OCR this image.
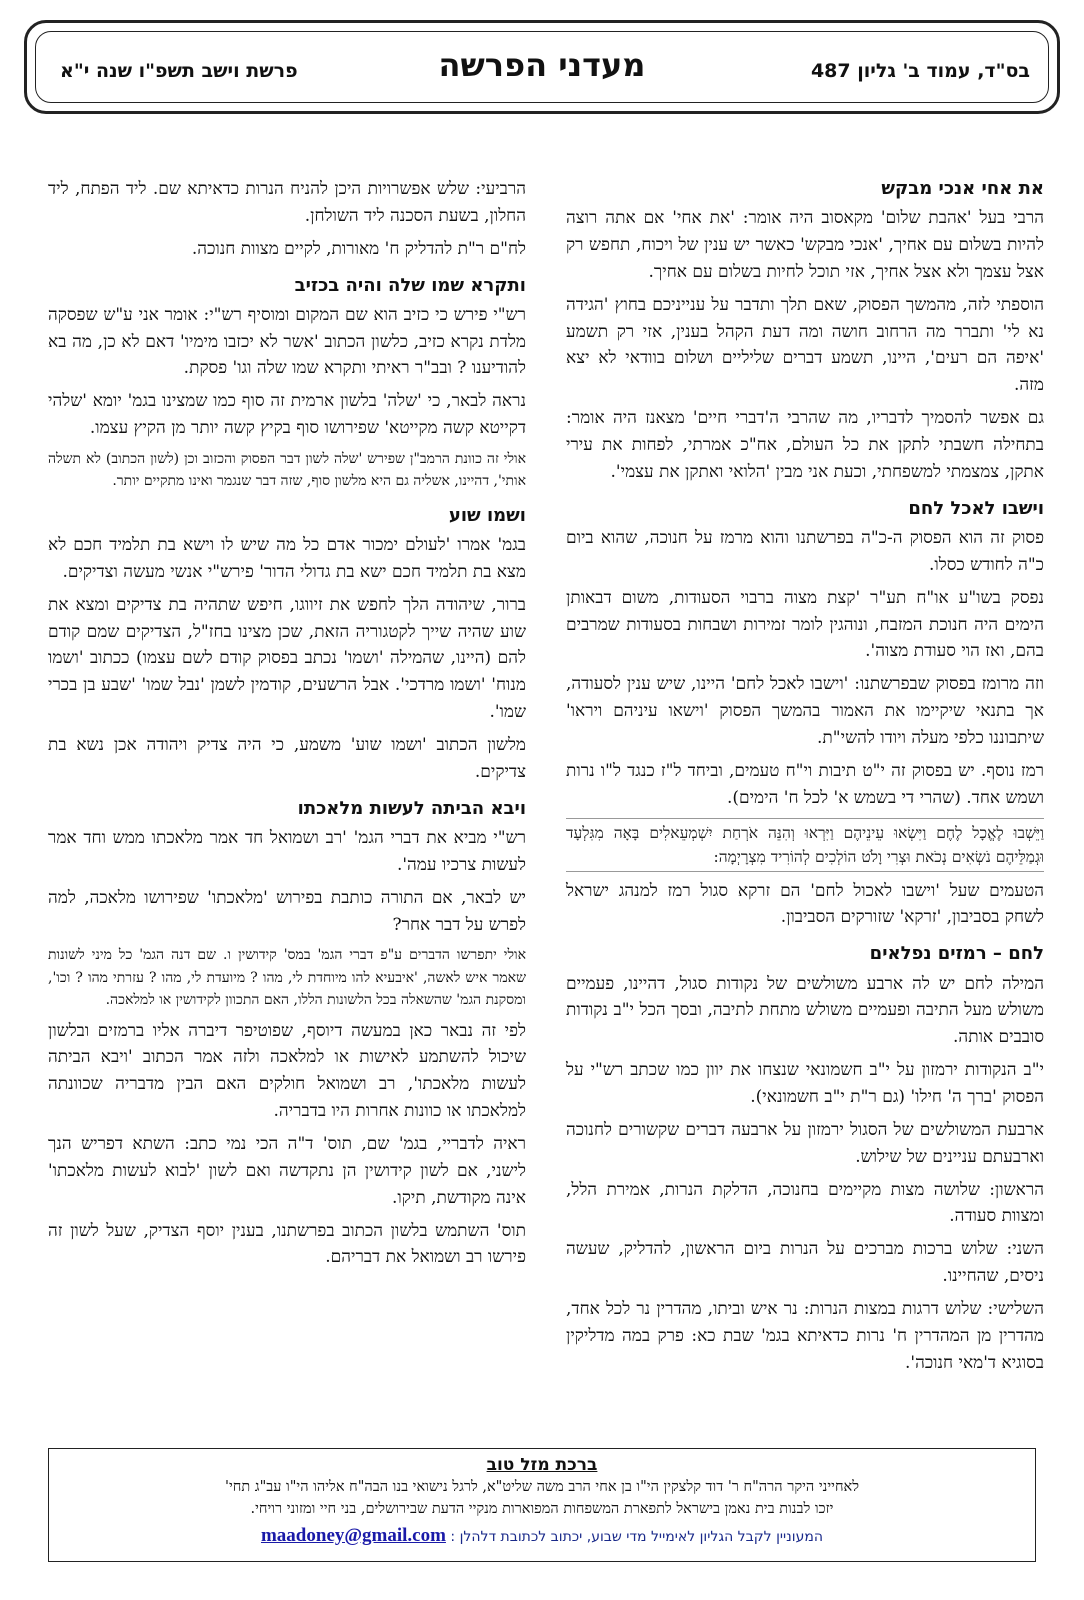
בס"ד, עמוד ב' גליון 487
מעדני הפרשה
פרשת וישב תשפ"ו שנה י"א
את אחי אנכי מבקש

הרבי בעל 'אהבת שלום' מקאסוב היה אומר: 'את אחי' אם אתה רוצה להיות בשלום עם אחיך, 'אנכי מבקש' כאשר יש ענין של ויכוח, תחפש רק אצל עצמך ולא אצל אחיך, אזי תוכל לחיות בשלום עם אחיך.

הוספתי לזה, מהמשך הפסוק, שאם תלך ותדבר על ענייניכם בחוץ 'הגידה נא לי' ותברר מה הרחוב חושה ומה דעת הקהל בענין, אזי רק תשמע 'איפה הם רעים', היינו, תשמע דברים שליליים ושלום בוודאי לא יצא מזה.

גם אפשר להסמיך לדבריו, מה שהרבי ה'דברי חיים' מצאנז היה אומר: בתחילה חשבתי לתקן את כל העולם, אח"כ אמרתי, לפחות את עירי אתקן, צמצמתי למשפחתי, וכעת אני מבין 'הלואי ואתקן את עצמי'.

וישבו לאכל לחם

פסוק זה הוא הפסוק ה-כ"ה בפרשתנו והוא מרמז על חנוכה, שהוא ביום כ"ה לחודש כסלו.

נפסק בשו"ע או"ח תע"ר 'קצת מצוה ברבוי הסעודות, משום דבאותן הימים היה חנוכת המזבח, ונוהגין לומר זמירות ושבחות בסעודות שמרבים בהם, ואז הוי סעודת מצוה'.

וזה מרומז בפסוק שבפרשתנו: 'וישבו לאכל לחם' היינו, שיש ענין לסעודה, אך בתנאי שיקיימו את האמור בהמשך הפסוק 'וישאו עיניהם ויראו' שיתבוננו כלפי מעלה ויודו להשי"ת.

רמז נוסף. יש בפסוק זה י"ט תיבות וי"ח טעמים, וביחד ל"ז כנגד ל"ו נרות ושמש אחד. (שהרי די בשמש א' לכל ח' הימים).

וַיֵּשְׁבוּ לֶאֱכָל לֶחֶם וַיִּשְׂאוּ עֵינֵיהֶם וַיִּרְאוּ וְהִנֵּה אֹרְחַת יִשְׁמְעֵאלִים בָּאָה מִגִּלְעָד וּגְמַלֵּיהֶם נֹשְׂאִים נְכֹאת וּצְרִי וָלֹט הוֹלְכִים לְהוֹרִיד מִצְרָיְמָה:

הטעמים שעל 'וישבו לאכול לחם' הם זרקא סגול רמז למנהג ישראל לשחק בסביבון, 'זרקא' שזורקים הסביבון.

לחם – רמזים נפלאים

המילה לחם יש לה ארבע משולשים של נקודות סגול, דהיינו, פעמיים משולש מעל התיבה ופעמיים משולש מתחת לתיבה, ובסך הכל י"ב נקודות סובבים אותה.

י"ב הנקודות ירמזון על י"ב חשמונאי שנצחו את יוון כמו שכתב רש"י על הפסוק 'ברך ה' חילו' (גם ר"ת י"ב חשמונאי).

ארבעת המשולשים של הסגול ירמזון על ארבעה דברים שקשורים לחנוכה וארבעתם עניינים של שילוש.

הראשון: שלושה מצות מקיימים בחנוכה, הדלקת הנרות, אמירת הלל, ומצוות סעודה.

השני: שלוש ברכות מברכים על הנרות ביום הראשון, להדליק, שעשה ניסים, שהחיינו.

השלישי: שלוש דרגות במצות הנרות: נר איש וביתו, מהדרין נר לכל אחד, מהדרין מן המהדרין ח' נרות כדאיתא בגמ' שבת כא: פרק במה מדליקין בסוגיא ד'מאי חנוכה'.

הרביעי: שלש אפשרויות היכן להניח הנרות כדאיתא שם. ליד הפתח, ליד החלון, בשעת הסכנה ליד השולחן.

לח"ם ר"ת להדליק ח' מאורות, לקיים מצוות חנוכה.

ותקרא שמו שלה והיה בכזיב

רש"י פירש כי כזיב הוא שם המקום ומוסיף רש"י: אומר אני ע"ש שפסקה מלדת נקרא כזיב, כלשון הכתוב 'אשר לא יכזבו מימיו' דאם לא כן, מה בא להודיענו ? ובב"ר ראיתי ותקרא שמו שלה וגו' פסקת.

נראה לבאר, כי 'שלה' בלשון ארמית זה סוף כמו שמצינו בגמ' יומא 'שלהי דקייטא קשה מקייטא' שפירושו סוף בקיץ קשה יותר מן הקיץ עצמו.

אולי זה כוונת הרמב"ן שפירש 'שלה לשון דבר הפסוק והכזוב וכן (לשון הכתוב) לא תשלה אותי', דהיינו, אשליה גם היא מלשון סוף, שזה דבר שנגמר ואינו מתקיים יותר.

ושמו שוע

בגמ' אמרו 'לעולם ימכור אדם כל מה שיש לו וישא בת תלמיד חכם לא מצא בת תלמיד חכם ישא בת גדולי הדור' פירש"י אנשי מעשה וצדיקים.

ברור, שיהודה הלך לחפש את זיווגו, חיפש שתהיה בת צדיקים ומצא את שוע שהיה שייך לקטגוריה הזאת, שכן מצינו בחז"ל, הצדיקים שמם קודם להם (היינו, שהמילה 'ושמו' נכתב בפסוק קודם לשם עצמו) ככתוב 'ושמו מנוח' 'ושמו מרדכי'. אבל הרשעים, קודמין לשמן 'נבל שמו' 'שבע בן בכרי שמו'.

מלשון הכתוב 'ושמו שוע' משמע, כי היה צדיק ויהודה אכן נשא בת צדיקים.

ויבא הביתה לעשות מלאכתו

רש"י מביא את דברי הגמ' 'רב ושמואל חד אמר מלאכתו ממש וחד אמר לעשות צרכיו עמה'.

יש לבאר, אם התורה כותבת בפירוש 'מלאכתו' שפירושו מלאכה, למה לפרש על דבר אחר?

אולי יתפרשו הדברים ע"פ דברי הגמ' במס' קידושין ו. שם דנה הגמ' כל מיני לשונות שאמר איש לאשה, 'איבעיא להו מיוחדת לי, מהו ? מיועדת לי, מהו ? עזרתי מהו ? וכו', ומסקנת הגמ' שהשאלה בכל הלשונות הללו, האם התכוון לקידושין או למלאכה.

לפי זה נבאר כאן במעשה דיוסף, שפוטיפר דיברה אליו ברמזים ובלשון שיכול להשתמע לאישות או למלאכה ולזה אמר הכתוב 'ויבא הביתה לעשות מלאכתו', רב ושמואל חולקים האם הבין מדבריה שכוונתה למלאכתו או כוונות אחרות היו בדבריה.

ראיה לדבריי, בגמ' שם, תוס' ד"ה הכי נמי כתב: השתא דפריש הנך לישני, אם לשון קידושין הן נתקדשה ואם לשון 'לבוא לעשות מלאכתו' אינה מקודשת, תיקו.

תוס' השתמש בלשון הכתוב בפרשתנו, בענין יוסף הצדיק, שעל לשון זה פירשו רב ושמואל את דבריהם.

ברכת מזל טוב
לאחייני היקר הרה"ח ר' דוד קלצקין הי"ו בן אחי הרב משה שליט"א, לרגל נישואי בנו הבה"ח אליהו הי"ו עב"ג תחי'
יזכו לבנות בית נאמן בישראל לתפארת המשפחות המפוארות מנקיי הדעת שבירושלים, בני חיי ומזוני רויחי.
המעוניין לקבל הגליון לאימייל מדי שבוע, יכתוב לכתובת דלהלן : maadoney@gmail.com
